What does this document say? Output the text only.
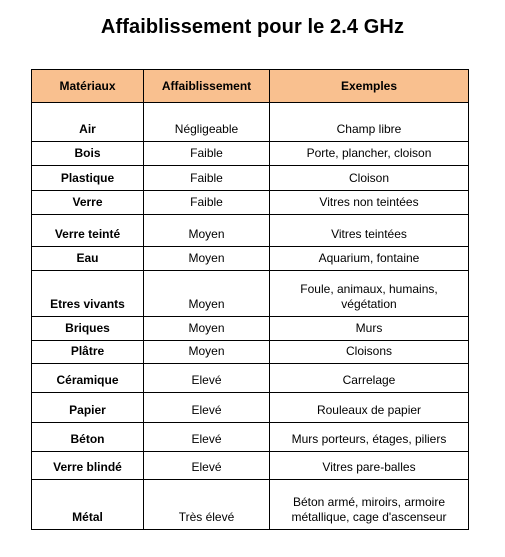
Affaiblissement pour le 2.4 GHz
Matériaux	Affaiblissement	Exemples
Air	Négligeable	Champ libre

Bois	Faible	Porte, plancher, cloison

Plastique	Faible	Cloison

Verre	Faible	Vitres non teintées

Verre teinté	Moyen	Vitres teintées

Eau	Moyen	Aquarium, fontaine

Etres vivants	Moyen	Foule, animaux, humains, végétation

Briques	Moyen	Murs

Plâtre	Moyen	Cloisons

Céramique	Elevé	Carrelage

Papier	Elevé	Rouleaux de papier

Béton	Elevé	Murs porteurs, étages, piliers

Verre blindé	Elevé	Vitres pare-balles

Métal	Très élevé	Béton armé, miroirs, armoire
métallique, cage d'ascenseur
